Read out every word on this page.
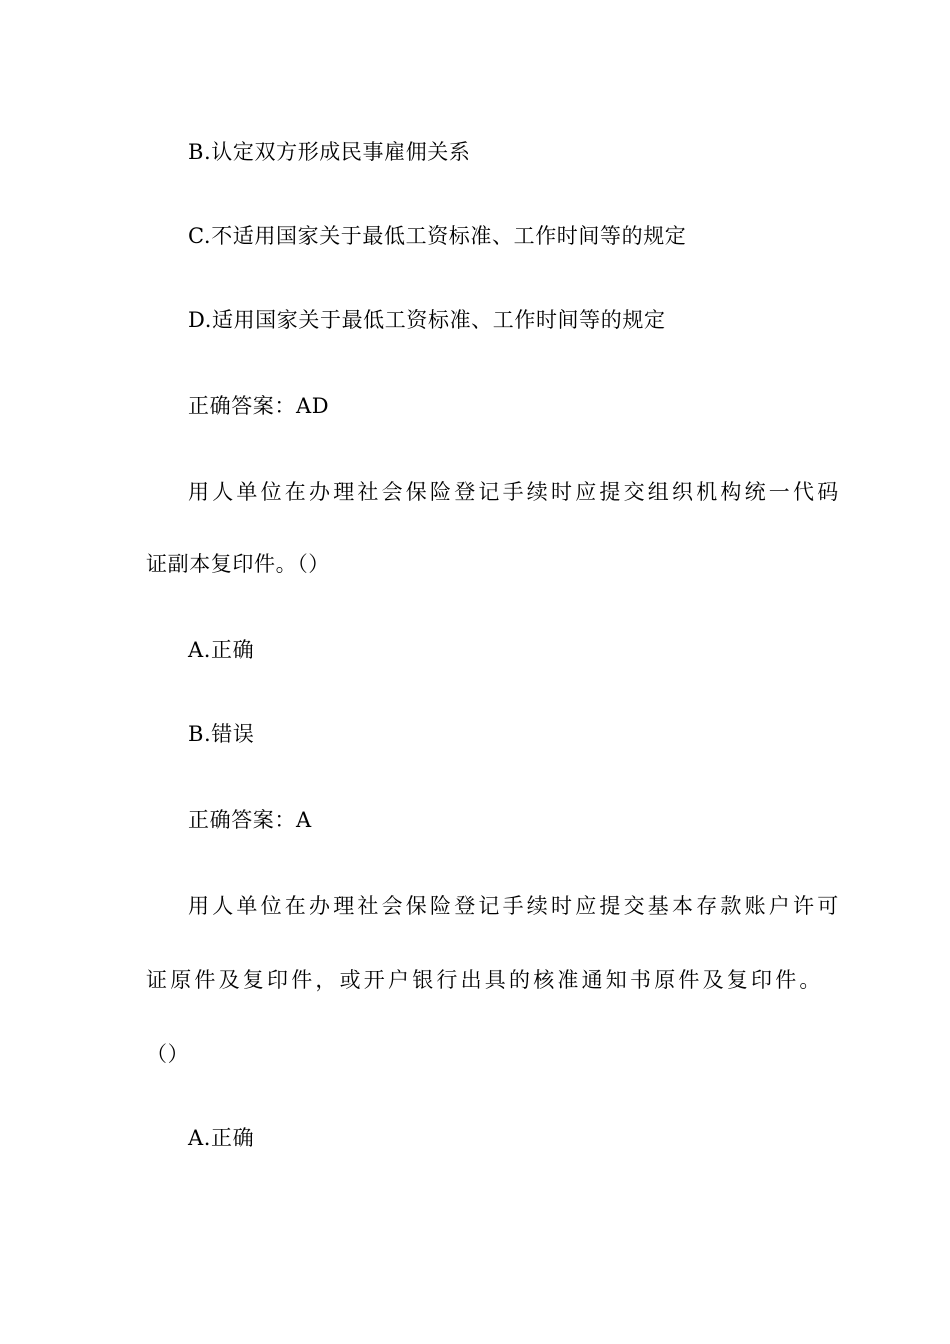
B.认定双方形成民事雇佣关系
C.不适用国家关于最低工资标准、工作时间等的规定
D.适用国家关于最低工资标准、工作时间等的规定
正确答案：AD
用人单位在办理社会保险登记手续时应提交组织机构统一代码
证副本复印件。（）
A.正确
B.错误
正确答案：A
用人单位在办理社会保险登记手续时应提交基本存款账户许可
证原件及复印件，或开户银行出具的核准通知书原件及复印件。
（）
A.正确
